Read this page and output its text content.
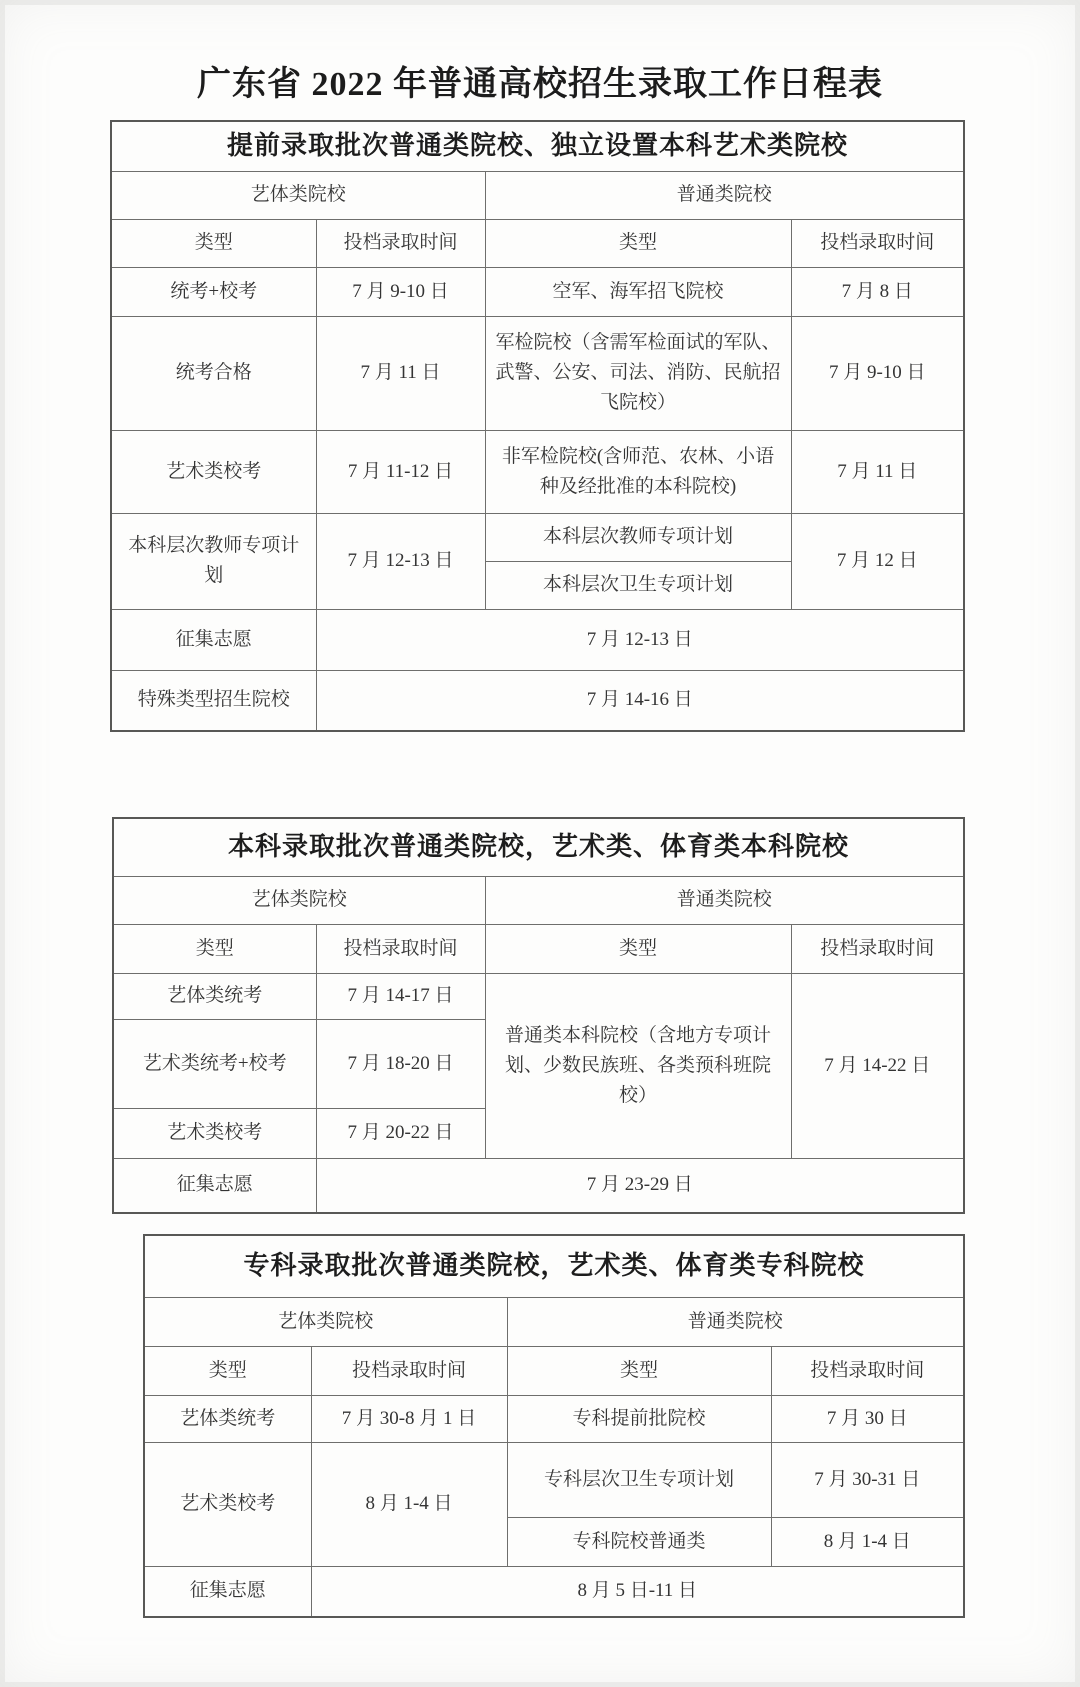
广东省 2022 年普通高校招生录取工作日程表
提前录取批次普通类院校、独立设置本科艺术类院校			
艺体类院校		普通类院校	
类型	投档录取时间	类型	投档录取时间
统考+校考	7 月 9-10 日	空军、海军招飞院校	7 月 8 日
统考合格	7 月 11 日	军检院校（含需军检面试的军队、武警、公安、司法、消防、民航招飞院校）	7 月 9-10 日
艺术类校考	7 月 11-12 日	非军检院校(含师范、农林、小语种及经批准的本科院校)	7 月 11 日
本科层次教师专项计划	7 月 12-13 日	本科层次教师专项计划	7 月 12 日
		本科层次卫生专项计划	
征集志愿	7 月 12-13 日		
特殊类型招生院校	7 月 14-16 日		
本科录取批次普通类院校，艺术类、体育类本科院校			
艺体类院校		普通类院校	
类型	投档录取时间	类型	投档录取时间
艺体类统考	7 月 14-17 日	普通类本科院校（含地方专项计划、少数民族班、各类预科班院校）	7 月 14-22 日
艺术类统考+校考	7 月 18-20 日		
艺术类校考	7 月 20-22 日		
征集志愿	7 月 23-29 日		
专科录取批次普通类院校，艺术类、体育类专科院校			
艺体类院校		普通类院校	
类型	投档录取时间	类型	投档录取时间
艺体类统考	7 月 30-8 月 1 日	专科提前批院校	7 月 30 日
艺术类校考	8 月 1-4 日	专科层次卫生专项计划	7 月 30-31 日
		专科院校普通类	8 月 1-4 日
征集志愿	8 月 5 日-11 日		
